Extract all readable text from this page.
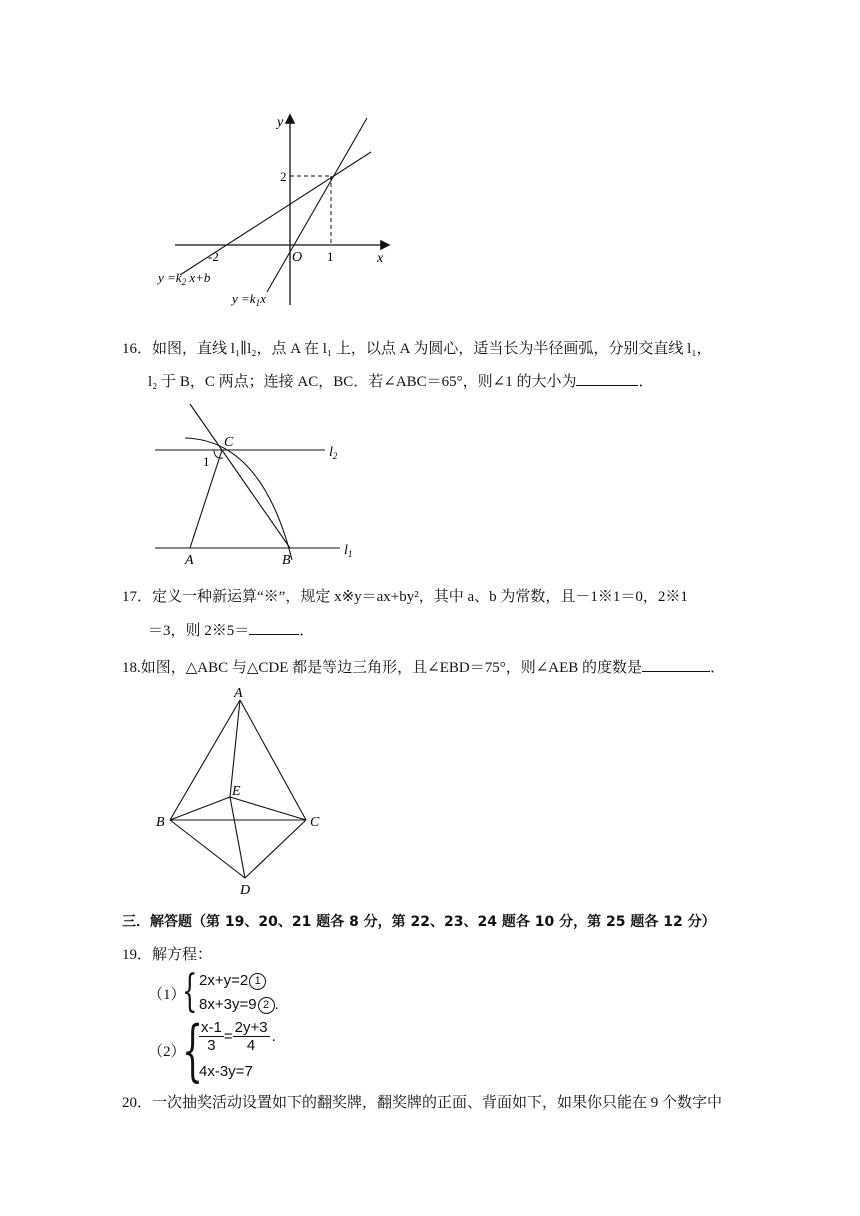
y
x
O
2
1
-2
$y =k_2$ x+b
$y =k_1x$
16．如图，直线 l₁∥l₂，点 A 在 l₁ 上，以点 A 为圆心，适当长为半径画弧，分别交直线 l₁，
l₂ 于 B，C 两点；连接 AC，BC．若∠ABC＝65°，则∠1 的大小为	．
C
$l_2$
1
A	B
$l_1$
17．定义一种新运算“※”，规定 x※y＝ax+by²，其中 a、b 为常数，且－1※1＝0，2※1
＝3，则 2※5＝	．
18.如图，△ABC 与△CDE 都是等边三角形，且∠EBD＝75°，则∠AEB 的度数是	．
A
E
B	C
D
三．解答题（第 19、20、21 题各 8 分，第 22、23、24 题各 10 分，第 25 题各 12 分）
19．解方程：
（1）
{ 2x+y=2 1
8x+3y=9 2 .
（2）
{
$\frac{x-1}{3} = \frac{2y+3}{4}$ .
4x-3y=7
20．一次抽奖活动设置如下的翻奖牌，翻奖牌的正面、背面如下，如果你只能在 9 个数字中
